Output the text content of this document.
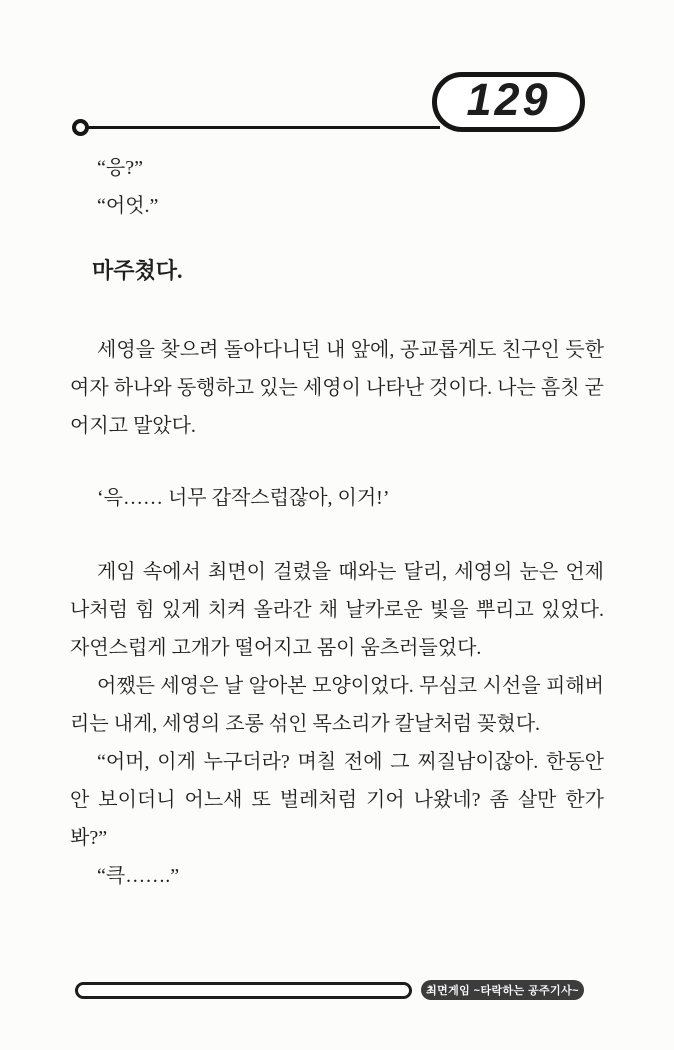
129

“응?”

“어엇.”

마주쳤다.

세영을 찾으려 돌아다니던 내 앞에, 공교롭게도 친구인 듯한 여자 하나와 동행하고 있는 세영이 나타난 것이다. 나는 흠칫 굳어지고 말았다.

‘윽…… 너무 갑작스럽잖아, 이거!’

게임 속에서 최면이 걸렸을 때와는 달리, 세영의 눈은 언제나처럼 힘 있게 치켜 올라간 채 날카로운 빛을 뿌리고 있었다. 자연스럽게 고개가 떨어지고 몸이 움츠러들었다.

어쨌든 세영은 날 알아본 모양이었다. 무심코 시선을 피해버리는 내게, 세영의 조롱 섞인 목소리가 칼날처럼 꽂혔다.

“어머, 이게 누구더라? 며칠 전에 그 찌질남이잖아. 한동안 안 보이더니 어느새 또 벌레처럼 기어 나왔네? 좀 살만 한가봐?”

“큭…….”

최면게임 ~타락하는 공주기사~
